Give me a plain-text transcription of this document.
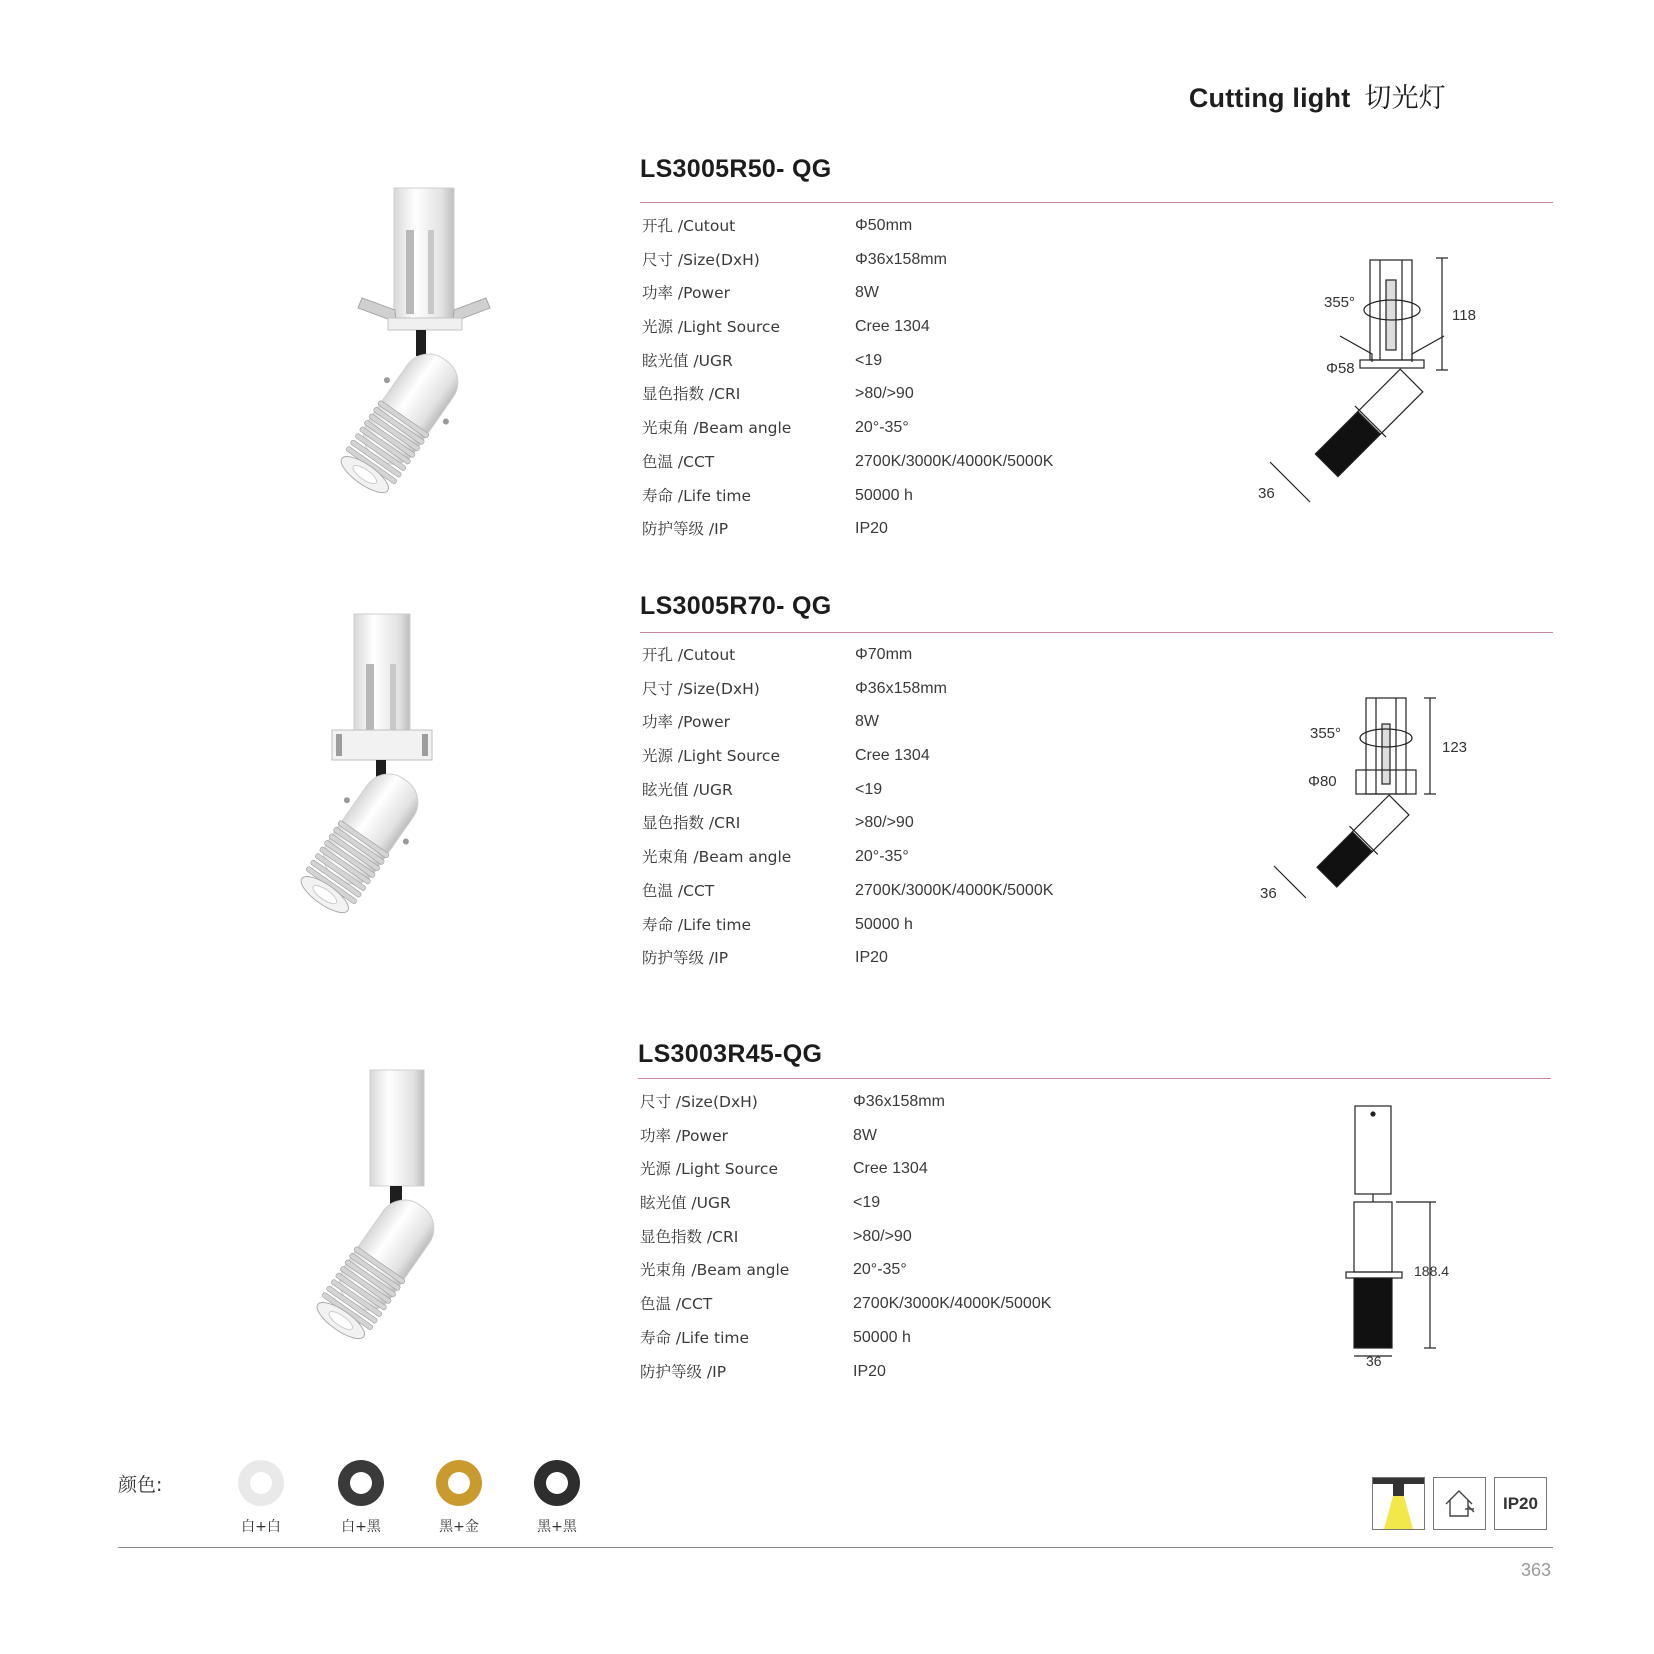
Cutting light 切光灯
LS3005R50- QG
开孔 /Cutout	Φ50mm
尺寸 /Size(DxH)	Φ36x158mm
功率 /Power	8W
光源 /Light Source	Cree 1304
眩光值 /UGR	<19
显色指数 /CRI	>80/>90
光束角 /Beam angle	20°-35°
色温 /CCT	2700K/3000K/4000K/5000K
寿命 /Life time	50000 h
防护等级 /IP	IP20
355°
118
Φ58
36
LS3005R70- QG
开孔 /Cutout	Φ70mm
尺寸 /Size(DxH)	Φ36x158mm
功率 /Power	8W
光源 /Light Source	Cree 1304
眩光值 /UGR	<19
显色指数 /CRI	>80/>90
光束角 /Beam angle	20°-35°
色温 /CCT	2700K/3000K/4000K/5000K
寿命 /Life time	50000 h
防护等级 /IP	IP20
355°
123
Φ80
36
LS3003R45-QG
尺寸 /Size(DxH)	Φ36x158mm
功率 /Power	8W
光源 /Light Source	Cree 1304
眩光值 /UGR	<19
显色指数 /CRI	>80/>90
光束角 /Beam angle	20°-35°
色温 /CCT	2700K/3000K/4000K/5000K
寿命 /Life time	50000 h
防护等级 /IP	IP20
188.4
36
颜色:
白+白	白+黑	黑+金	黑+黑
IP20
363
